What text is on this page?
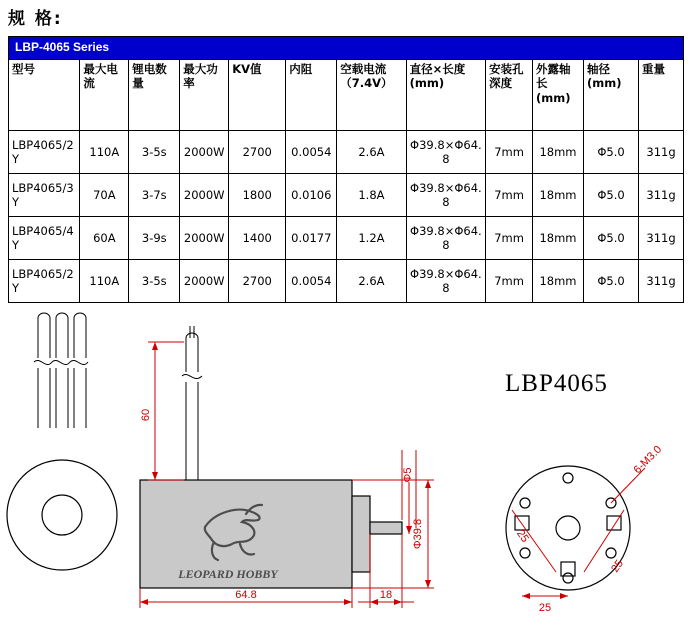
规 格:
LBP-4065 Series											
型号	最大电流	锂电数量	最大功率	KV值	内阻	空载电流（7.4V）	直径×长度 (mm)	安装孔深度	外露轴长(mm)	轴径 (mm)	重量
LBP4065/2Y	110A	3-5s	2000W	2700	0.0054	2.6A	Φ39.8×Φ64.8	7mm	18mm	Φ5.0	311g
LBP4065/3Y	70A	3-7s	2000W	1800	0.0106	1.8A	Φ39.8×Φ64.8	7mm	18mm	Φ5.0	311g
LBP4065/4Y	60A	3-9s	2000W	1400	0.0177	1.2A	Φ39.8×Φ64.8	7mm	18mm	Φ5.0	311g
LBP4065/2Y	110A	3-5s	2000W	2700	0.0054	2.6A	Φ39.8×Φ64.8	7mm	18mm	Φ5.0	311g
LBP4065
LEOPARD HOBBY
60
Φ5
Φ39.8
64.8	18
6-M3.0
25
25
25
